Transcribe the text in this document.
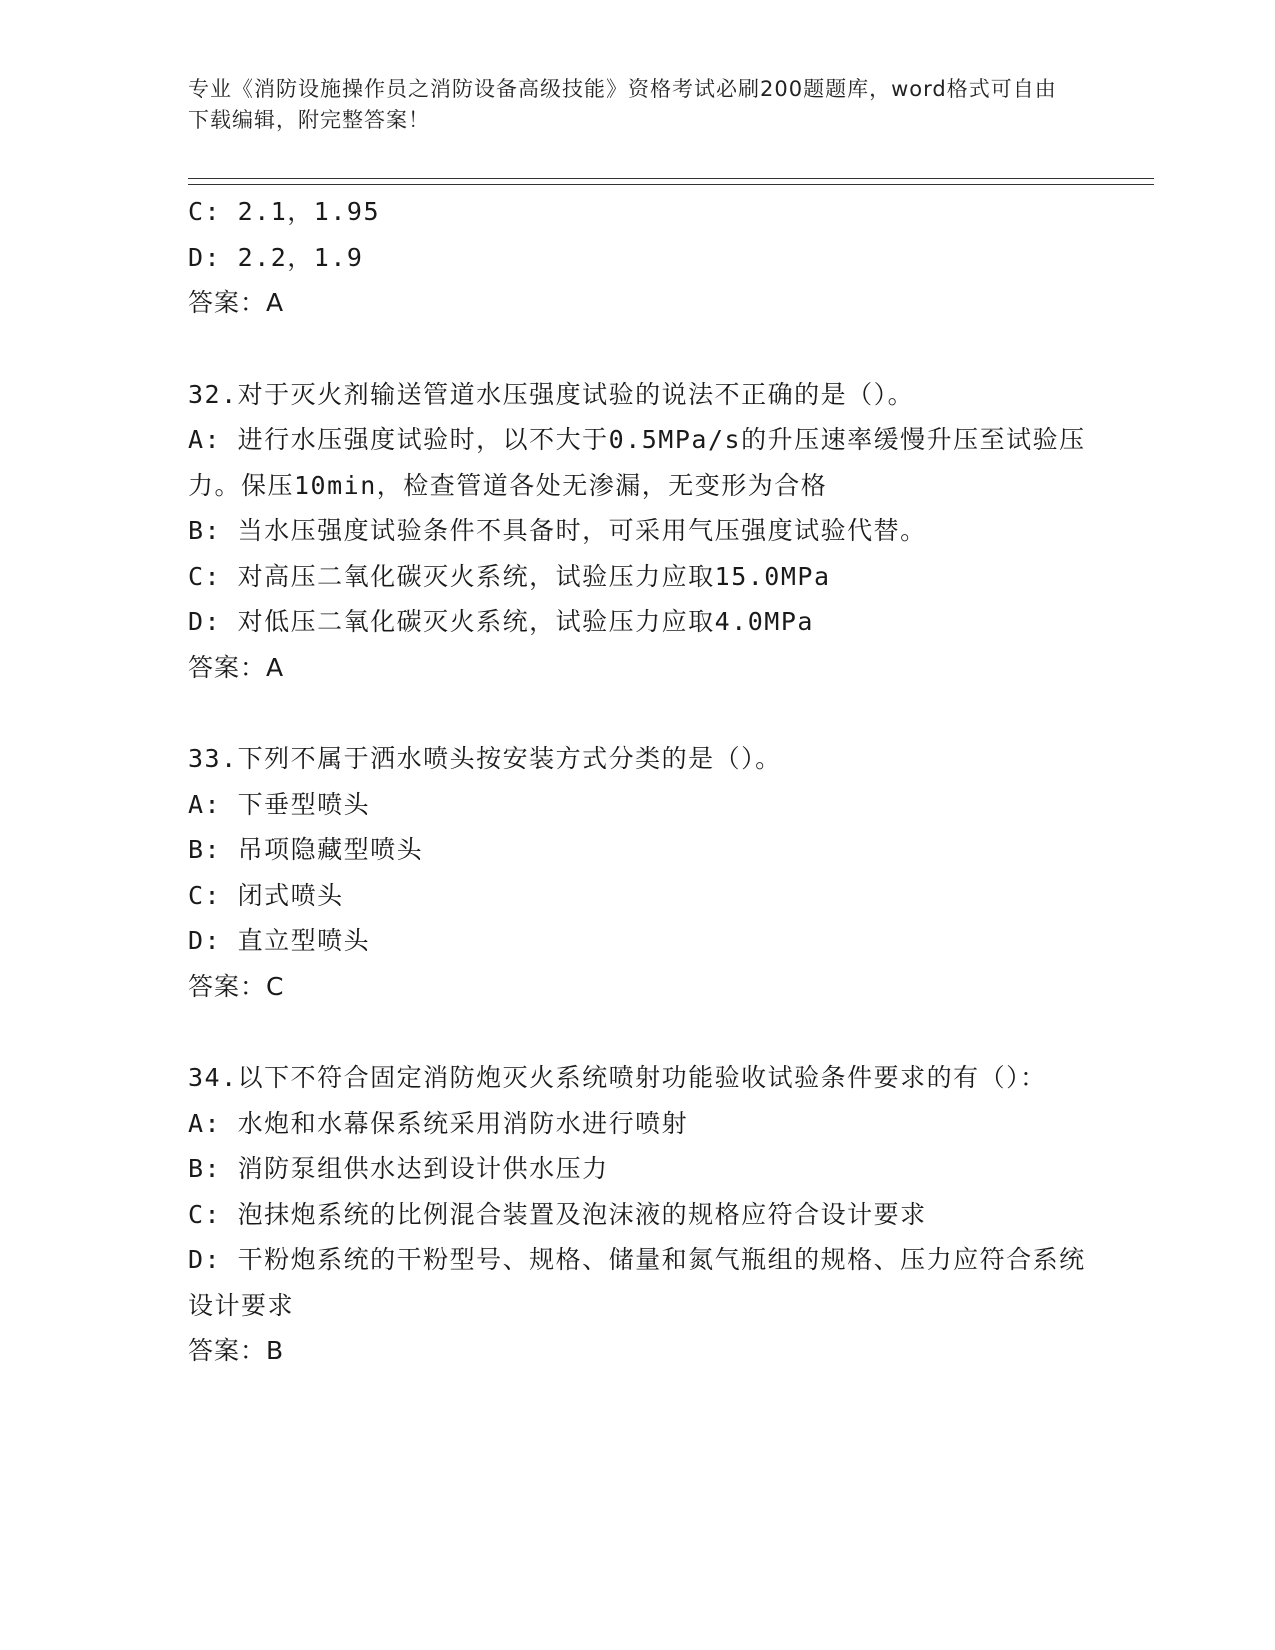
专业《消防设施操作员之消防设备高级技能》资格考试必刷200题题库，word格式可自由下载编辑，附完整答案！
C: 2.1，1.95
D: 2.2，1.9
答案：A
32.对于灭火剂输送管道水压强度试验的说法不正确的是（）。
A: 进行水压强度试验时，以不大于0.5MPa/s的升压速率缓慢升压至试验压力。保压10min，检查管道各处无渗漏，无变形为合格
B: 当水压强度试验条件不具备时，可采用气压强度试验代替。
C: 对高压二氧化碳灭火系统，试验压力应取15.0MPa
D: 对低压二氧化碳灭火系统，试验压力应取4.0MPa
答案：A
33.下列不属于洒水喷头按安装方式分类的是（）。
A: 下垂型喷头
B: 吊项隐藏型喷头
C: 闭式喷头
D: 直立型喷头
答案：C
34.以下不符合固定消防炮灭火系统喷射功能验收试验条件要求的有（）：
A: 水炮和水幕保系统采用消防水进行喷射
B: 消防泵组供水达到设计供水压力
C: 泡抹炮系统的比例混合装置及泡沫液的规格应符合设计要求
D: 干粉炮系统的干粉型号、规格、储量和氮气瓶组的规格、压力应符合系统设计要求
答案：B
